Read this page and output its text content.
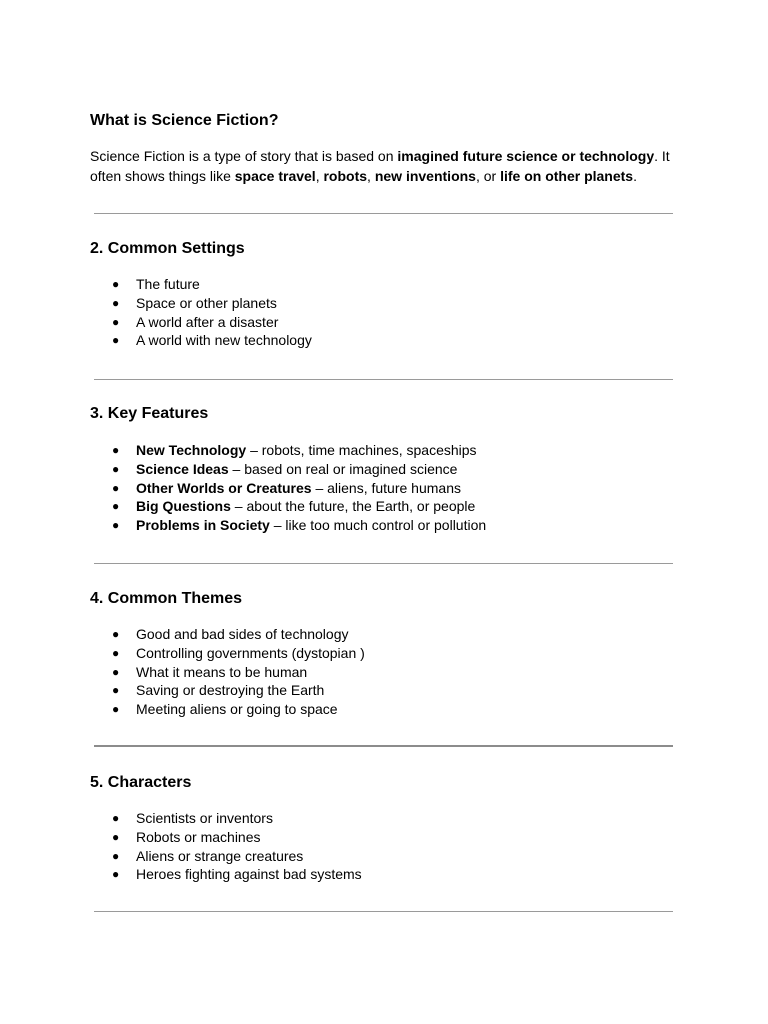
What is Science Fiction?

Science Fiction is a type of story that is based on imagined future science or technology. It often shows things like space travel, robots, new inventions, or life on other planets.

2. Common Settings
● The future
● Space or other planets
● A world after a disaster
● A world with new technology
3. Key Features
● New Technology – robots, time machines, spaceships
● Science Ideas – based on real or imagined science
● Other Worlds or Creatures – aliens, future humans
● Big Questions – about the future, the Earth, or people
● Problems in Society – like too much control or pollution
4. Common Themes
● Good and bad sides of technology
● Controlling governments (dystopian )
● What it means to be human
● Saving or destroying the Earth
● Meeting aliens or going to space
5. Characters
● Scientists or inventors
● Robots or machines
● Aliens or strange creatures
● Heroes fighting against bad systems
